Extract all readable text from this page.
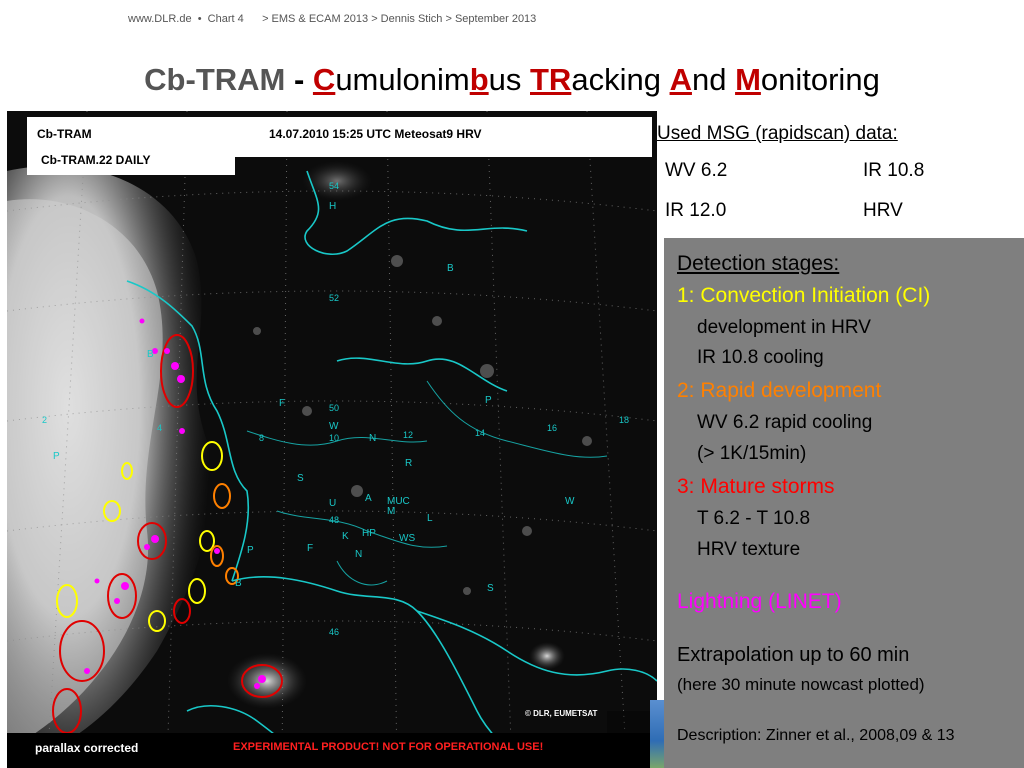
www.DLR.de  •  Chart 4      > EMS & ECAM 2013 > Dennis Stich > September 2013
Cb-TRAM - Cumulonimbus TRacking And Monitoring
54
52
50
48
46
2
4
8	10	12	14	16
18
H
B
P
F
W
N
R
S
U	A MUC
M
HP WS
K
W
P
B
B	S
P	F
N
L
Cb-TRAM	14.07.2010 15:25 UTC Meteosat9 HRV
Cb-TRAM.22 DAILY
© DLR, EUMETSAT
parallax corrected	EXPERIMENTAL PRODUCT! NOT FOR OPERATIONAL USE!
Used MSG (rapidscan) data:
WV 6.2	IR 10.8
IR 12.0	HRV
Detection stages:
1: Convection Initiation (CI)
development in HRV
IR 10.8 cooling
2: Rapid development
WV 6.2 rapid cooling
(> 1K/15min)
3: Mature storms
T 6.2 - T 10.8
HRV texture
Lightning (LINET)
Extrapolation up to 60 min
(here 30 minute nowcast plotted)
Description: Zinner et al., 2008,09 & 13
